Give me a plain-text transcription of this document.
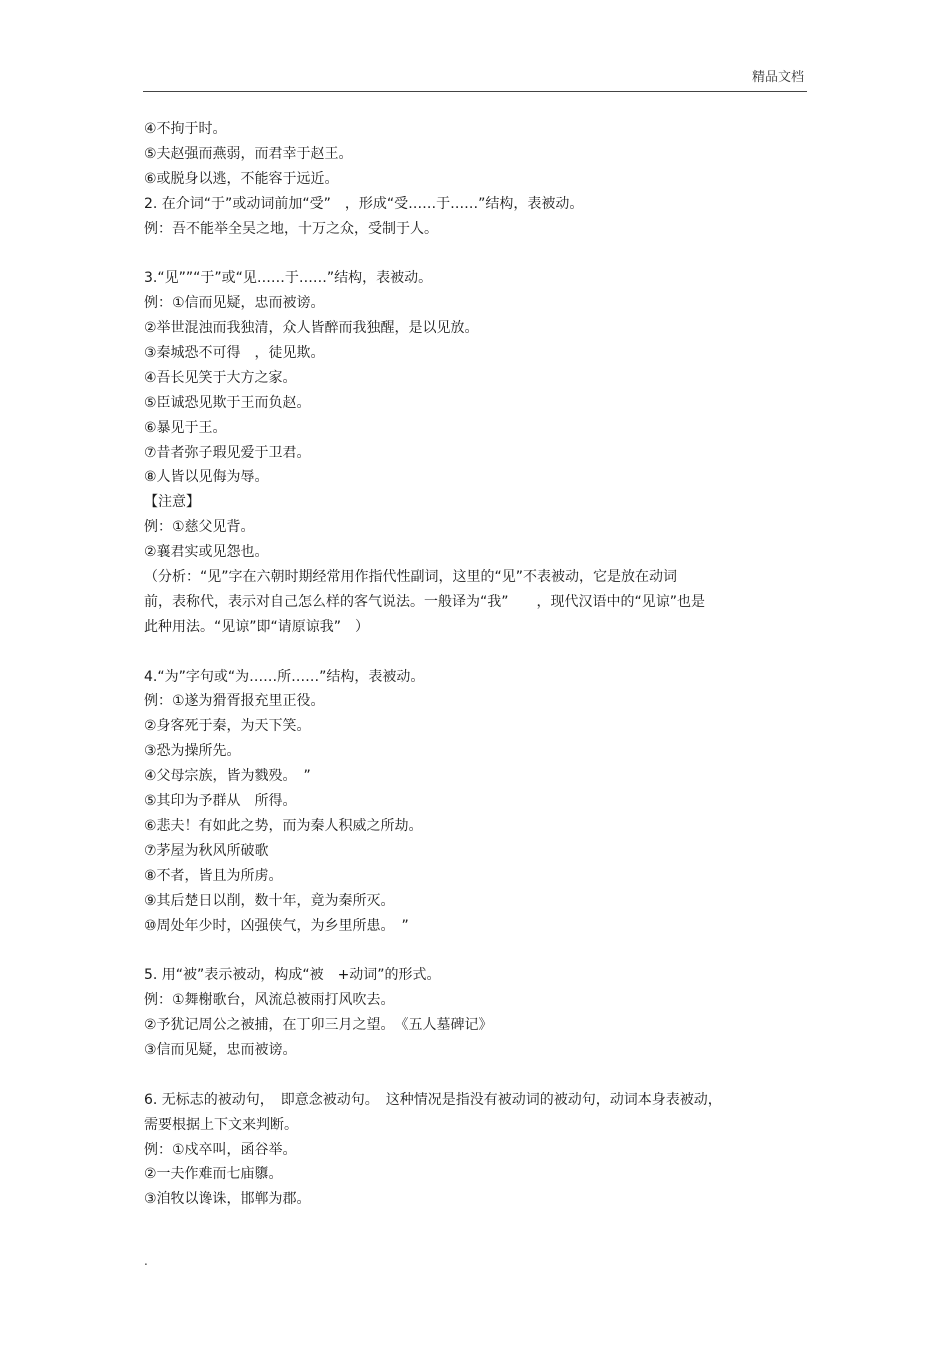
精品文档
④不拘于时。
⑤夫赵强而燕弱，而君幸于赵王。
⑥或脱身以逃，不能容于远近。
2. 在介词“于”或动词前加“受”　，形成“受……于……”结构，表被动。
例：吾不能举全吴之地，十万之众，受制于人。
3.“见””“于”或“见……于……”结构，表被动。
例：①信而见疑，忠而被谤。
②举世混浊而我独清，众人皆醉而我独醒，是以见放。
③秦城恐不可得　，徒见欺。
④吾长见笑于大方之家。
⑤臣诚恐见欺于王而负赵。
⑥暴见于王。
⑦昔者弥子瑕见爱于卫君。
⑧人皆以见侮为辱。
【注意】
例：①慈父见背。
②襄君实或见怨也。
（分析：“见”字在六朝时期经常用作指代性副词，这里的“见”不表被动，它是放在动词
前，表称代，表示对自己怎么样的客气说法。一般译为“我”　　，现代汉语中的“见谅”也是
此种用法。“见谅”即“请原谅我”　）
4.“为”字句或“为……所……”结构，表被动。
例：①遂为猾胥报充里正役。
②身客死于秦，为天下笑。
③恐为操所先。
④父母宗族，皆为戮殁。　”
⑤其印为予群从　所得。
⑥悲夫！有如此之势，而为秦人积威之所劫。
⑦茅屋为秋风所破歌
⑧不者，皆且为所虏。
⑨其后楚日以削，数十年，竟为秦所灭。
⑩周处年少时，凶强侠气，为乡里所患。　”
5. 用“被”表示被动，构成“被　+动词”的形式。
例：①舞榭歌台，风流总被雨打风吹去。
②予犹记周公之被捕，在丁卯三月之望。　《五人墓碑记》
③信而见疑，忠而被谤。
6. 无标志的被动句，　即意念被动句。　这种情况是指没有被动词的被动句，动词本身表被动，
需要根据上下文来判断。
例：①戍卒叫，函谷举。
②一夫作难而七庙隳。
③洎牧以谗诛，邯郸为郡。
.
